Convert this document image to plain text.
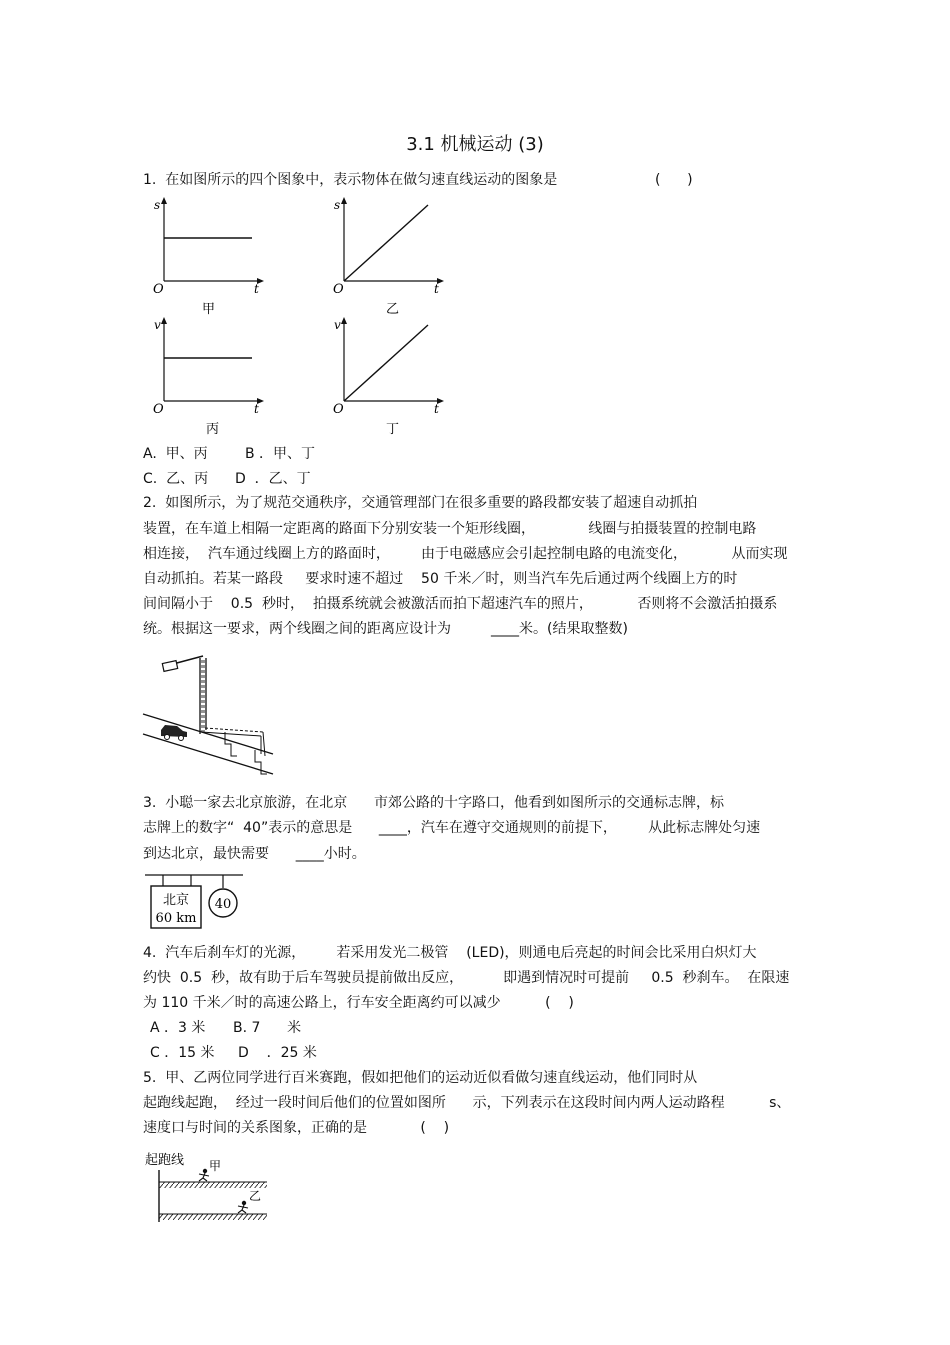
3.1 机械运动 (3)
1.  在如图所示的四个图象中，表示物体在做匀速直线运动的图象是	(      )
s
t
O
甲
s
t
O
乙
v
t
O
丙
v
t
O
丁
A.  甲、丙	B ．甲、丁
C.  乙、丙 D  ．乙、丁
2.  如图所示，为了规范交通秩序，交通管理部门在很多重要的路段都安装了超速自动抓拍
装置，在车道上相隔一定距离的路面下分别安装一个矩形线圈，            线圈与拍摄装置的控制电路
相连接，  汽车通过线圈上方的路面时，       由于电磁感应会引起控制电路的电流变化，          从而实现
自动抓拍。若某一路段     要求时速不超过    50 千米／时，则当汽车先后通过两个线圈上方的时
间间隔小于    0.5  秒时，  拍摄系统就会被激活而拍下超速汽车的照片，          否则将不会激活拍摄系
统。根据这一要求，两个线圈之间的距离应设计为         ____米。(结果取整数)
3.  小聪一家去北京旅游，在北京      市郊公路的十字路口，他看到如图所示的交通标志牌，标
志牌上的数字“  40”表示的意思是      ____，汽车在遵守交通规则的前提下，       从此标志牌处匀速
到达北京，最快需要      ____小时。
北京
60 km
40
4.  汽车后刹车灯的光源，       若采用发光二极管    (LED)，则通电后亮起的时间会比采用白炽灯大
约快  0.5  秒，故有助于后车驾驶员提前做出反应，         即遇到情况时可提前     0.5  秒刹车。  在限速
为 110 千米／时的高速公路上，行车安全距离约可以减少          (    )
A ．3 米 B. 7      米
C ．15 米 D    ．25 米
5.  甲、乙两位同学进行百米赛跑，假如把他们的运动近似看做匀速直线运动，他们同时从
起跑线起跑，  经过一段时间后他们的位置如图所      示，下列表示在这段时间内两人运动路程          s、
速度口与时间的关系图象，正确的是            (    )
起跑线 甲
乙
